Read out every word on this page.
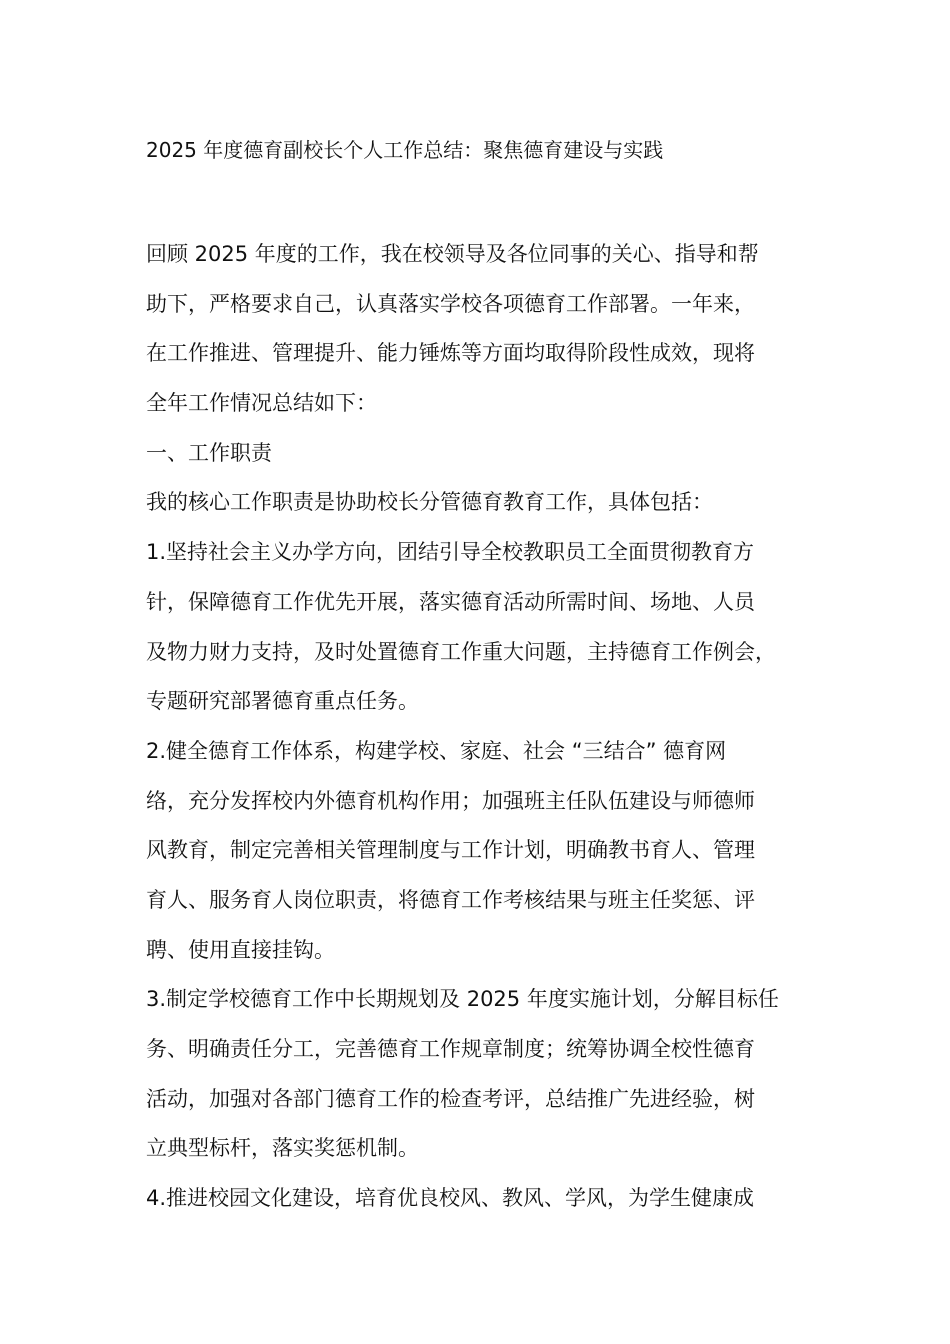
2025 年度德育副校长个人工作总结：聚焦德育建设与实践
回顾 2025 年度的工作，我在校领导及各位同事的关心、指导和帮
助下，严格要求自己，认真落实学校各项德育工作部署。一年来，
在工作推进、管理提升、能力锤炼等方面均取得阶段性成效，现将
全年工作情况总结如下：
一、工作职责
我的核心工作职责是协助校长分管德育教育工作，具体包括：
1.坚持社会主义办学方向，团结引导全校教职员工全面贯彻教育方
针，保障德育工作优先开展，落实德育活动所需时间、场地、人员
及物力财力支持，及时处置德育工作重大问题，主持德育工作例会，
专题研究部署德育重点任务。
2.健全德育工作体系，构建学校、家庭、社会 “三结合” 德育网
络，充分发挥校内外德育机构作用；加强班主任队伍建设与师德师
风教育，制定完善相关管理制度与工作计划，明确教书育人、管理
育人、服务育人岗位职责，将德育工作考核结果与班主任奖惩、评
聘、使用直接挂钩。
3.制定学校德育工作中长期规划及 2025 年度实施计划，分解目标任
务、明确责任分工，完善德育工作规章制度；统筹协调全校性德育
活动，加强对各部门德育工作的检查考评，总结推广先进经验，树
立典型标杆，落实奖惩机制。
4.推进校园文化建设，培育优良校风、教风、学风，为学生健康成
